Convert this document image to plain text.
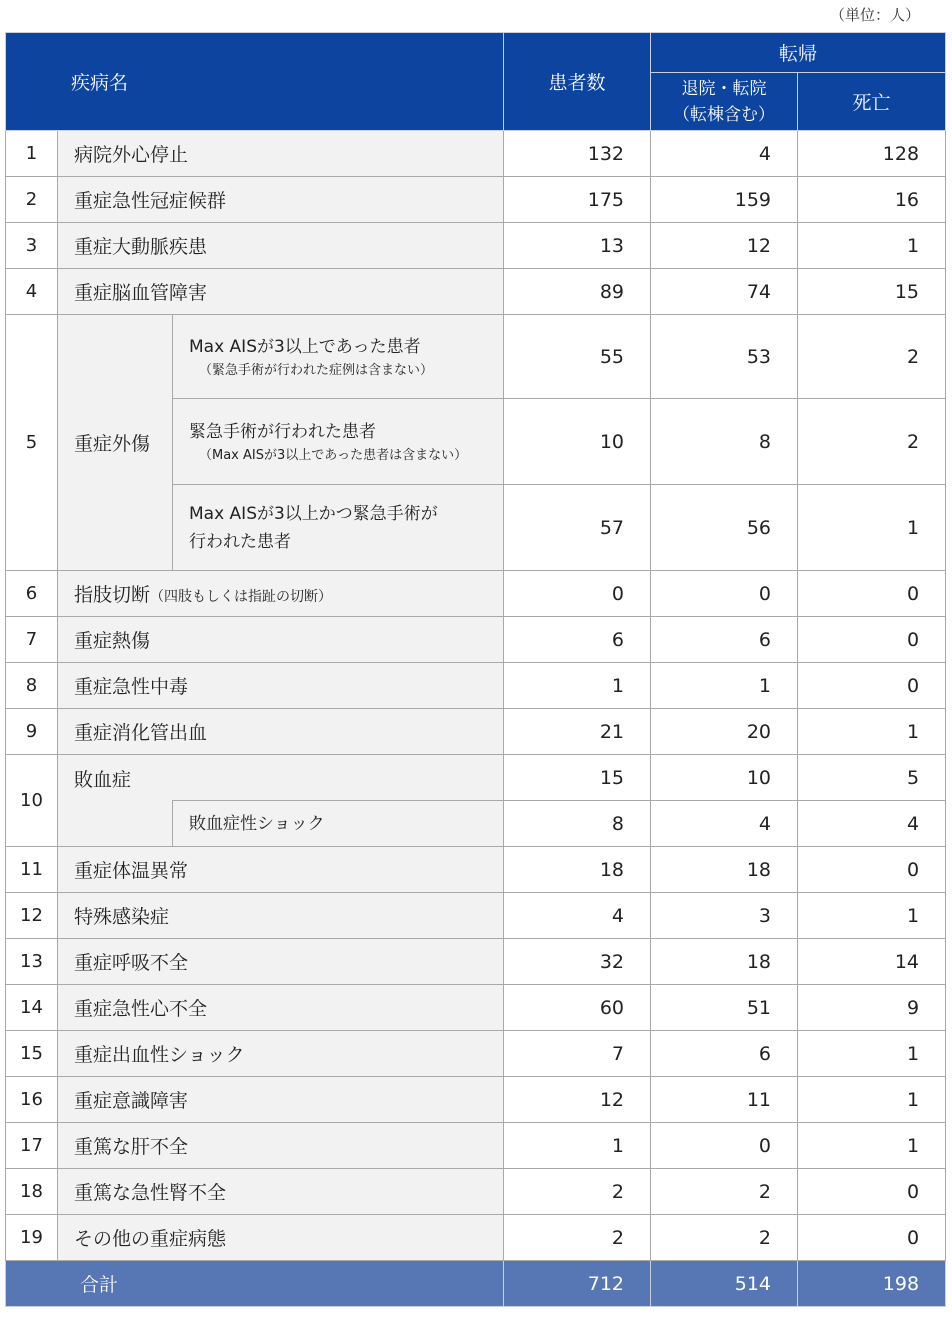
（単位：人）
疾病名			患者数	転帰	

				退院・転院
（転棟含む）	死亡
1	病院外心停止		132	4	128
2	重症急性冠症候群		175	159	16
3	重症大動脈疾患		13	12	1
4	重症脳血管障害		89	74	15
5	重症外傷	Max AISが3以上であった患者
（緊急手術が行われた症例は含まない）	55	53	2

		緊急手術が行われた患者
（Max AISが3以上であった患者は含まない）	10	8	2

		Max AISが3以上かつ緊急手術が
行われた患者	57	56	1
6	指肢切断（四肢もしくは指趾の切断）		0	0	0
7	重症熱傷		6	6	0
8	重症急性中毒		1	1	0
9	重症消化管出血		21	20	1
10	敗血症		15	10	5
		敗血症性ショック	8	4	4
11	重症体温異常		18	18	0
12	特殊感染症		4	3	1
13	重症呼吸不全		32	18	14
14	重症急性心不全		60	51	9
15	重症出血性ショック		7	6	1
16	重症意識障害		12	11	1
17	重篤な肝不全		1	0	1
18	重篤な急性腎不全		2	2	0
19	その他の重症病態		2	2	0
合計			712	514	198
